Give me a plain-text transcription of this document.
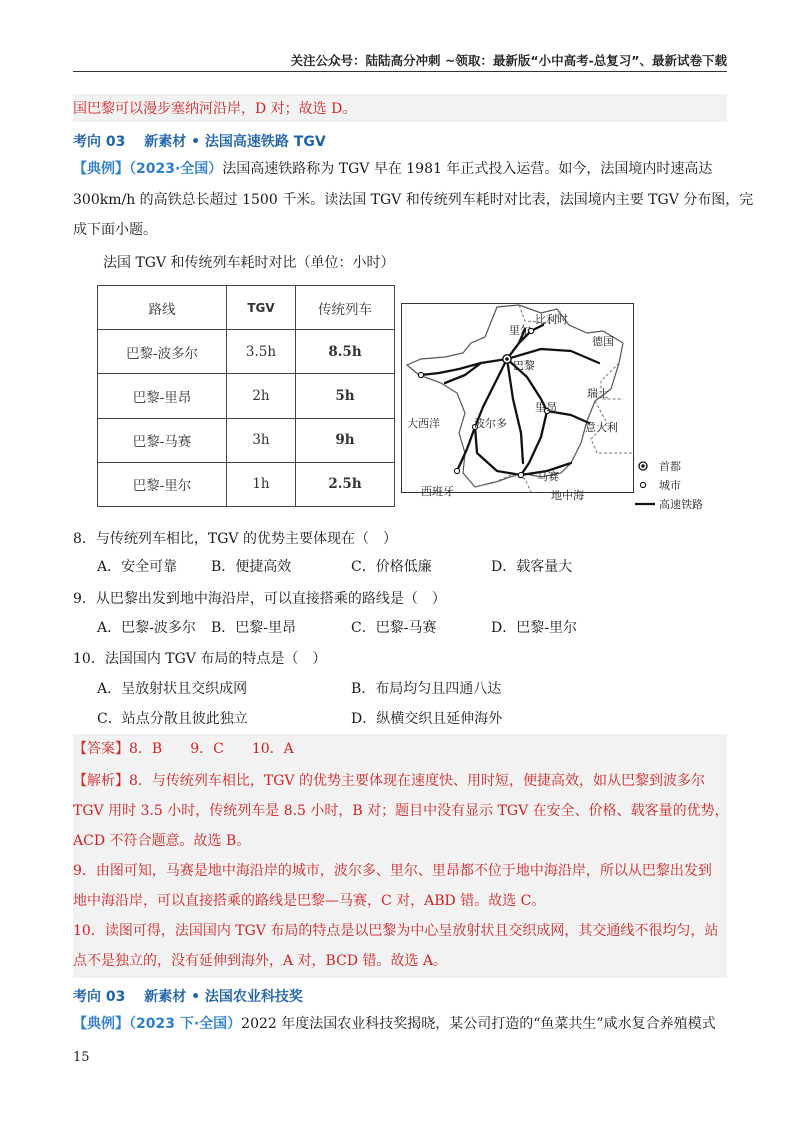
关注公众号：陆陆高分冲刺 ~领取：最新版“小中高考-总复习”、最新试卷下载
国巴黎可以漫步塞纳河沿岸，D 对；故选 D。
考向 03　 新素材 • 法国高速铁路 TGV
【典例】（2023·全国）法国高速铁路称为 TGV 早在 1981 年正式投入运营。如今，法国境内时速高达
300km/h 的高铁总长超过 1500 千米。读法国 TGV 和传统列车耗时对比表，法国境内主要 TGV 分布图，完
成下面小题。
法国 TGV 和传统列车耗时对比（单位：小时）
路线	TGV	传统列车
巴黎-波多尔	3.5h	8.5h
巴黎-里昂	2h	5h
巴黎-马赛	3h	9h
巴黎-里尔	1h	2.5h
比利时
里尔
德国
巴黎
大西洋	波尔多
里昂
瑞士
意大利
马赛
西班牙	地中海
首都
城市
高速铁路
8．与传统列车相比，TGV 的优势主要体现在（　）
A．安全可靠 B．便捷高效	C．价格低廉	D．载客量大
9．从巴黎出发到地中海沿岸，可以直接搭乘的路线是（　）
A．巴黎-波多尔 B．巴黎-里昂	C．巴黎-马赛	D．巴黎-里尔
10．法国国内 TGV 布局的特点是（　）
A．呈放射状且交织成网	B．布局均匀且四通八达
C．站点分散且彼此独立	D．纵横交织且延伸海外
【答案】8．B　　9．C　　10．A
【解析】8．与传统列车相比，TGV 的优势主要体现在速度快、用时短，便捷高效，如从巴黎到波多尔
TGV 用时 3.5 小时，传统列车是 8.5 小时，B 对；题目中没有显示 TGV 在安全、价格、载客量的优势，
ACD 不符合题意。故选 B。
9．由图可知，马赛是地中海沿岸的城市，波尔多、里尔、里昂都不位于地中海沿岸，所以从巴黎出发到
地中海沿岸，可以直接搭乘的路线是巴黎—马赛，C 对，ABD 错。故选 C。
10．读图可得，法国国内 TGV 布局的特点是以巴黎为中心呈放射状且交织成网，其交通线不很均匀，站
点不是独立的，没有延伸到海外，A 对，BCD 错。故选 A。
考向 03　 新素材 • 法国农业科技奖
【典例】（2023 下·全国）2022 年度法国农业科技奖揭晓，某公司打造的“鱼菜共生”咸水复合养殖模式
15
